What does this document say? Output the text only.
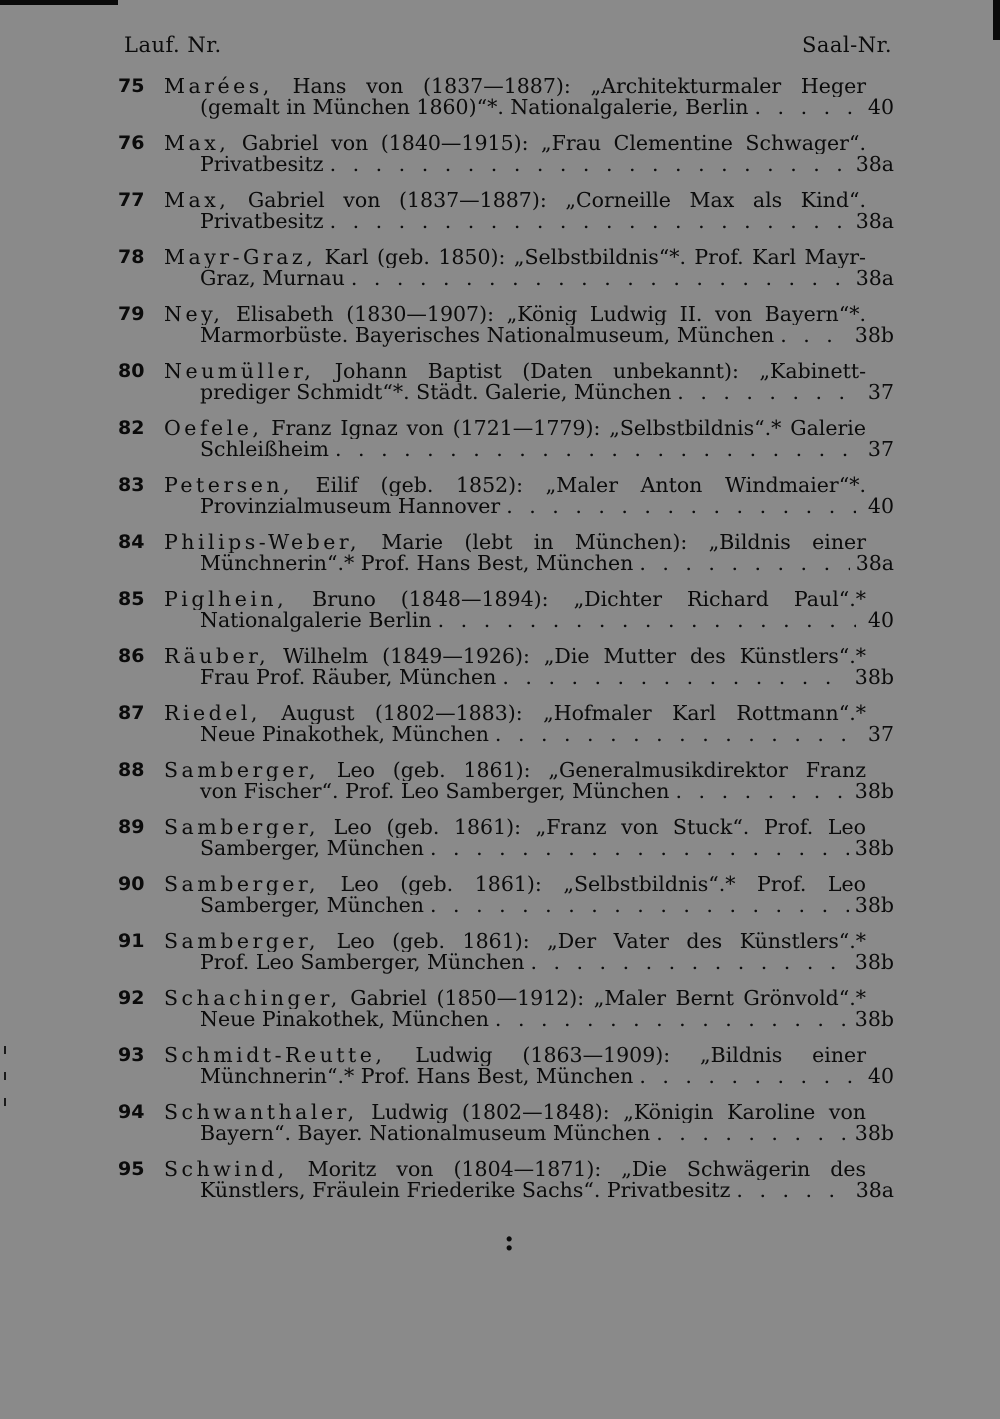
Lauf. Nr.	Saal-Nr.
75 Marées, Hans von (1837—1887): „Architekturmaler Heger
(gemalt in München 1860)“*. Nationalgalerie, Berlin . . .	40
76 Max, Gabriel von (1840—1915): „Frau Clementine Schwager“.
Privatbesitz . . .	38a
77 Max, Gabriel von (1837—1887): „Corneille Max als Kind“.
Privatbesitz . . .	38a
78 Mayr-Graz, Karl (geb. 1850): „Selbstbildnis“*. Prof. Karl Mayr-
Graz, Murnau . . .	38a
79 Ney, Elisabeth (1830—1907): „König Ludwig II. von Bayern“*.
Marmorbüste. Bayerisches Nationalmuseum, München . . .	38b
80 Neumüller, Johann Baptist (Daten unbekannt): „Kabinett-
prediger Schmidt“*. Städt. Galerie, München . . .	37
82 Oefele, Franz Ignaz von (1721—1779): „Selbstbildnis“.* Galerie
Schleißheim . . .	37
83 Petersen, Eilif (geb. 1852): „Maler Anton Windmaier“*.
Provinzialmuseum Hannover . . .	40
84 Philips-Weber, Marie (lebt in München): „Bildnis einer
Münchnerin“.* Prof. Hans Best, München . . .	38a
85 Piglhein, Bruno (1848—1894): „Dichter Richard Paul“.*
Nationalgalerie Berlin . . .	40
86 Räuber, Wilhelm (1849—1926): „Die Mutter des Künstlers“.*
Frau Prof. Räuber, München . . .	38b
87 Riedel, August (1802—1883): „Hofmaler Karl Rottmann“.*
Neue Pinakothek, München . . .	37
88 Samberger, Leo (geb. 1861): „Generalmusikdirektor Franz
von Fischer“. Prof. Leo Samberger, München . . .	38b
89 Samberger, Leo (geb. 1861): „Franz von Stuck“. Prof. Leo
Samberger, München . . .	38b
90 Samberger, Leo (geb. 1861): „Selbstbildnis“.* Prof. Leo
Samberger, München . . .	38b
91 Samberger, Leo (geb. 1861): „Der Vater des Künstlers“.*
Prof. Leo Samberger, München . . .	38b
92 Schachinger, Gabriel (1850—1912): „Maler Bernt Grönvold“.*
Neue Pinakothek, München . . .	38b
93 Schmidt-Reutte, Ludwig (1863—1909): „Bildnis einer
Münchnerin“.* Prof. Hans Best, München . . .	40
94 Schwanthaler, Ludwig (1802—1848): „Königin Karoline von
Bayern“. Bayer. Nationalmuseum München . . .	38b
95 Schwind, Moritz von (1804—1871): „Die Schwägerin des
Künstlers, Fräulein Friederike Sachs“. Privatbesitz . . .	38a
:
